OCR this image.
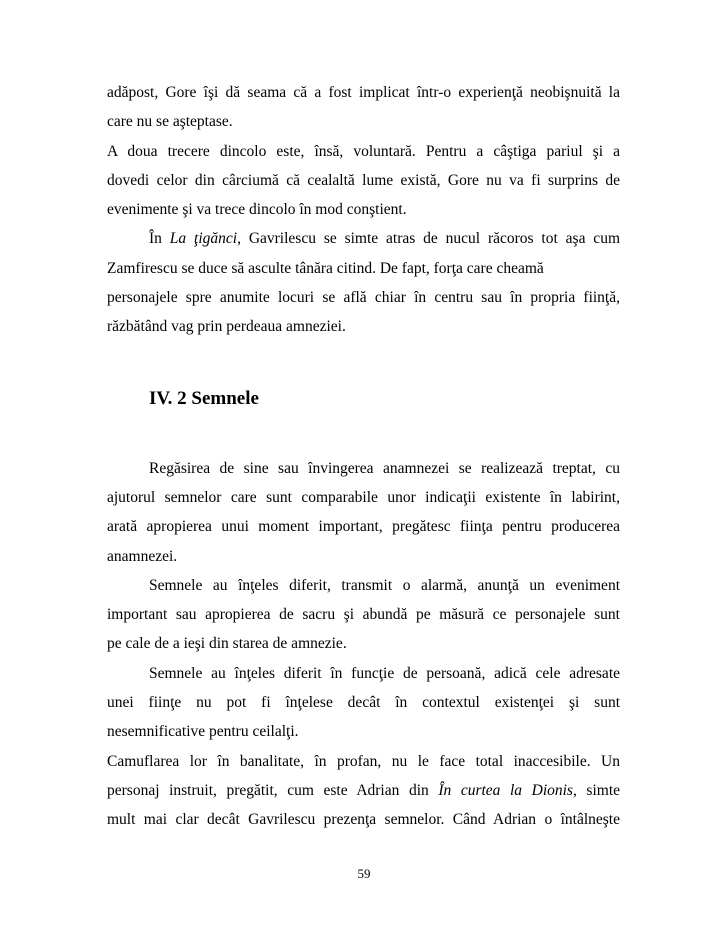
adăpost, Gore îşi dă seama că a fost implicat într-o experienţă neobişnuită la
care nu se aşteptase.
A doua trecere dincolo este, însă, voluntară. Pentru a câştiga pariul şi a
dovedi celor din cârciumă că cealaltă lume există, Gore nu va fi surprins de
evenimente şi va trece dincolo în mod conştient.
În La ţigănci, Gavrilescu se simte atras de nucul răcoros tot aşa cum
Zamfirescu se duce să asculte tânăra citind. De fapt, forţa care cheamă
personajele spre anumite locuri se află chiar în centru sau în propria fiinţă,
răzbătând vag prin perdeaua amneziei.
IV. 2 Semnele
Regăsirea de sine sau învingerea anamnezei se realizează treptat, cu
ajutorul semnelor care sunt comparabile unor indicaţii existente în labirint,
arată apropierea unui moment important, pregătesc fiinţa pentru producerea
anamnezei.
Semnele au înţeles diferit, transmit o alarmă, anunţă un eveniment
important sau apropierea de sacru şi abundă pe măsură ce personajele sunt
pe cale de a ieşi din starea de amnezie.
Semnele au înţeles diferit în funcţie de persoană, adică cele adresate
unei fiinţe nu pot fi înţelese decât în contextul existenţei şi sunt
nesemnificative pentru ceilalţi.
Camuflarea lor în banalitate, în profan, nu le face total inaccesibile. Un
personaj instruit, pregătit, cum este Adrian din În curtea la Dionis, simte
mult mai clar decât Gavrilescu prezenţa semnelor. Când Adrian o întâlneşte
59
